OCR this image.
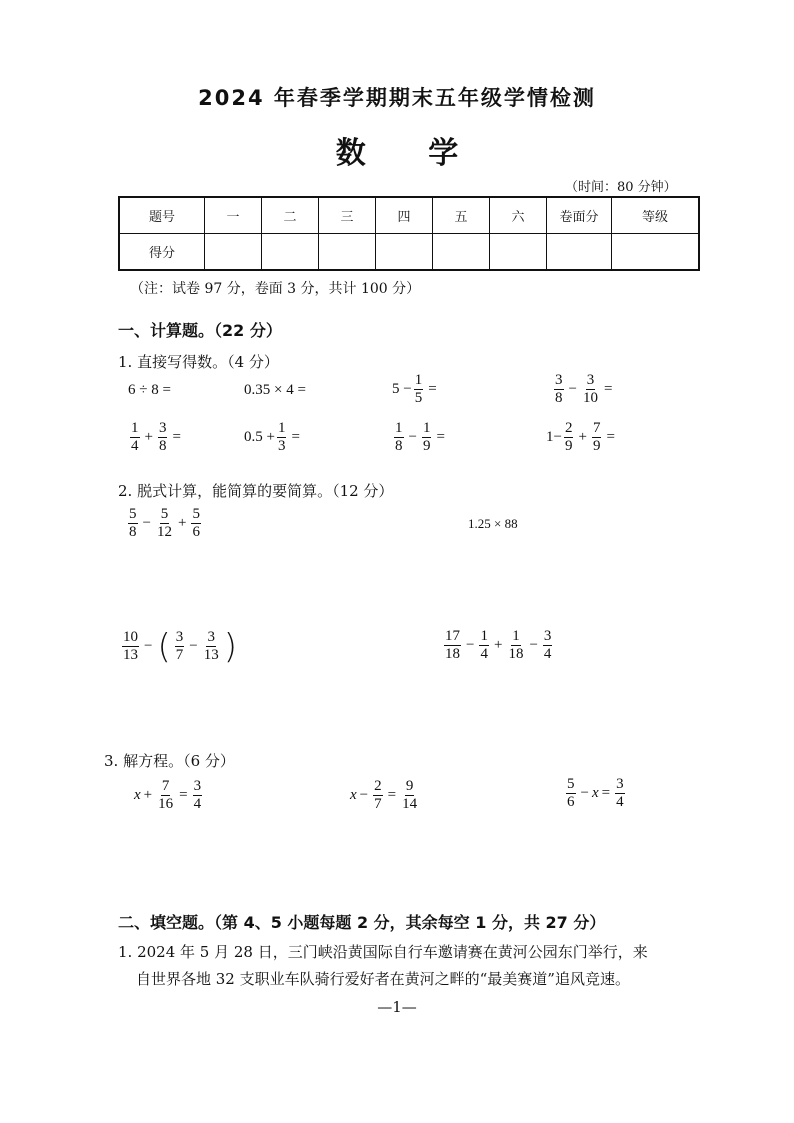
2024 年春季学期期末五年级学情检测
数 学
（时间：80 分钟）
题号	一	二	三	四	五	六	卷面分	等级
得分								
（注：试卷 97 分，卷面 3 分，共计 100 分）
一、计算题。（22 分）
1. 直接写得数。（4 分）
6 ÷ 8 =	0.35 × 4 =	$5 - \frac{1}{5}$ =	$\frac{3}{8} - \frac{3}{10}$ =
$\frac{1}{4} + \frac{3}{8}$ =	$0.5 + \frac{1}{3}$ =	$\frac{1}{8} - \frac{1}{9}$ =	$1- \frac{2}{9} + \frac{7}{9}$ =
2. 脱式计算，能简算的要简算。（12 分）
$\frac{5}{8} - \frac{5}{12} + \frac{5}{6}$	1.25 × 88
$\frac{10}{13}$ − ( $\frac{3}{7} - \frac{3}{13}$ )	$\frac{17}{18} - \frac{1}{4} + \frac{1}{18} - \frac{3}{4}$
3. 解方程。（6 分）
$x + \frac{7}{16} = \frac{3}{4}$	$x - \frac{2}{7} = \frac{9}{14}$	$\frac{5}{6} - x = \frac{3}{4}$
二、填空题。（第 4、5 小题每题 2 分，其余每空 1 分，共 27 分）
1. 2024 年 5 月 28 日，三门峡沿黄国际自行车邀请赛在黄河公园东门举行，来
自世界各地 32 支职业车队骑行爱好者在黄河之畔的“最美赛道”追风竞速。
—1—
